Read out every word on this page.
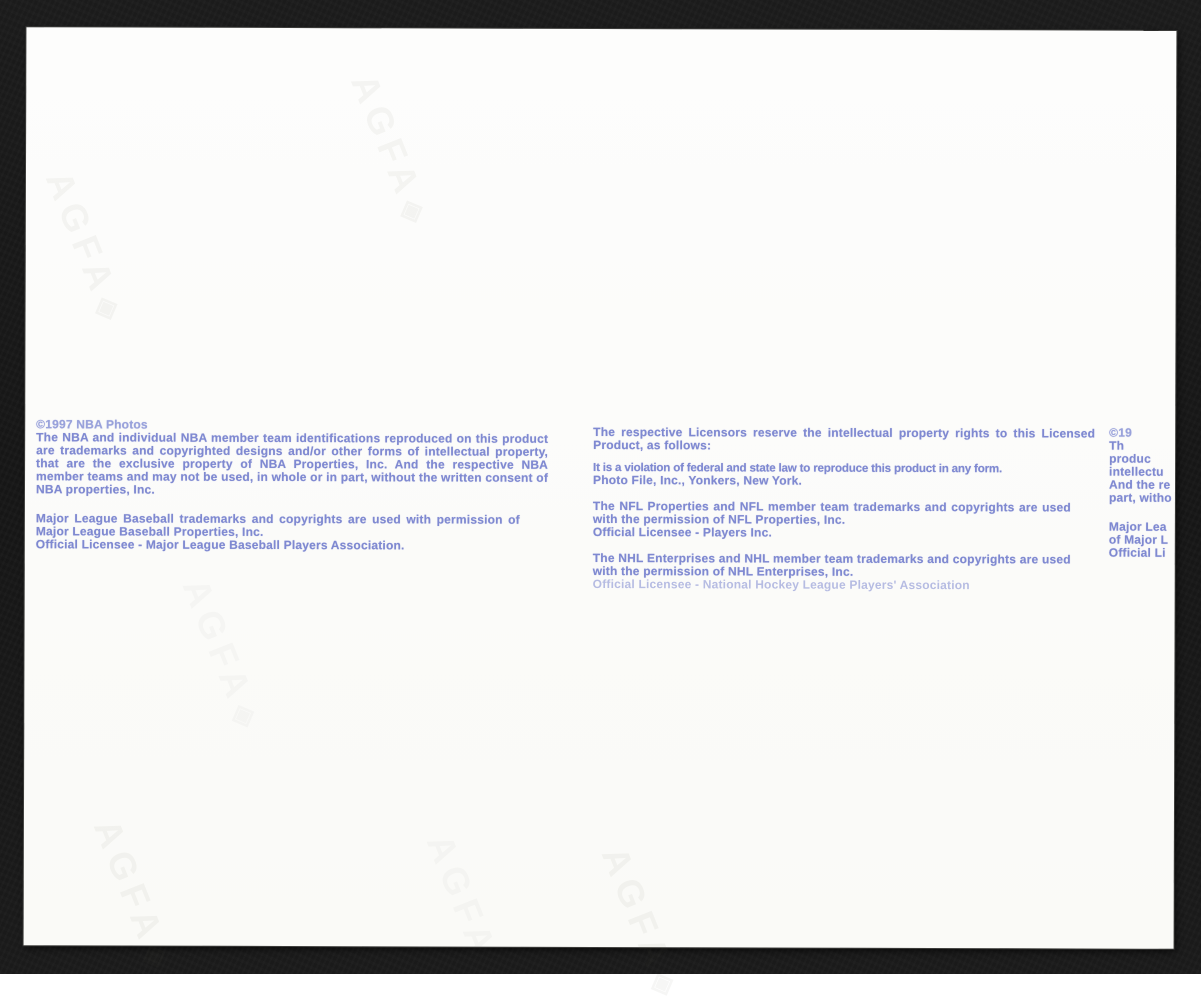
AGFA◈
AGFA◈
AGFA◈	AGFA◈
©1997 NBA Photos

The NBA and individual NBA member team identifications reproduced on this product are trademarks and copyrighted designs and/or other forms of intellectual property, that are the exclusive property of NBA Properties, Inc. And the respective NBA member teams and may not be used, in whole or in part, without the written consent of NBA properties, Inc.

Major League Baseball trademarks and copyrights are used with permission of Major League Baseball Properties, Inc.

Official Licensee - Major League Baseball Players Association.

The respective Licensors reserve the intellectual property rights to this Licensed Product, as follows:

It is a violation of federal and state law to reproduce this product in any form.
Photo File, Inc., Yonkers, New York.

The NFL Properties and NFL member team trademarks and copyrights are used with the permission of NFL Properties, Inc.

Official Licensee - Players Inc.

The NHL Enterprises and NHL member team trademarks and copyrights are used with the permission of NHL Enterprises, Inc.

Official Licensee - National Hockey League Players' Association
©19
Th
produc
intellectu
And the re
part, witho
Major Lea
of Major L
Official Li
